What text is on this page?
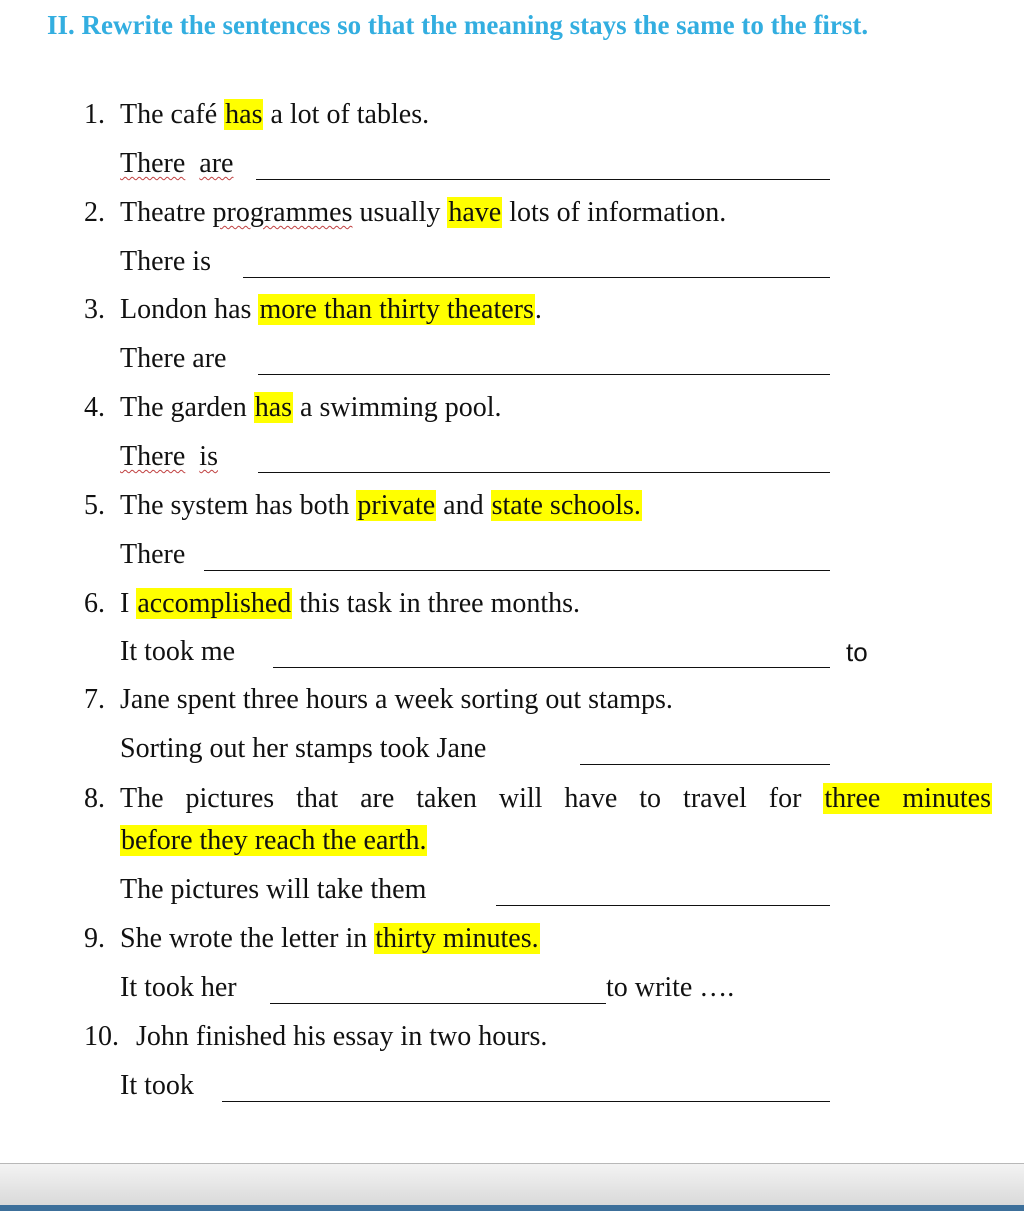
II. Rewrite the sentences so that the meaning stays the same to the first.

1. The café has a lot of tables.
There are
2. Theatre programmes usually have lots of information.
There is
3. London has more than thirty theaters.
There are
4. The garden has a swimming pool.
There is
5. The system has both private and state schools.
There
6. I accomplished this task in three months.
It took me	to
7. Jane spent three hours a week sorting out stamps.
Sorting out her stamps took Jane
8. The pictures that are taken will have to travel for three minutes
before they reach the earth.
The pictures will take them
9. She wrote the letter in thirty minutes.
It took her	to write ….
10. John finished his essay in two hours.
It took
